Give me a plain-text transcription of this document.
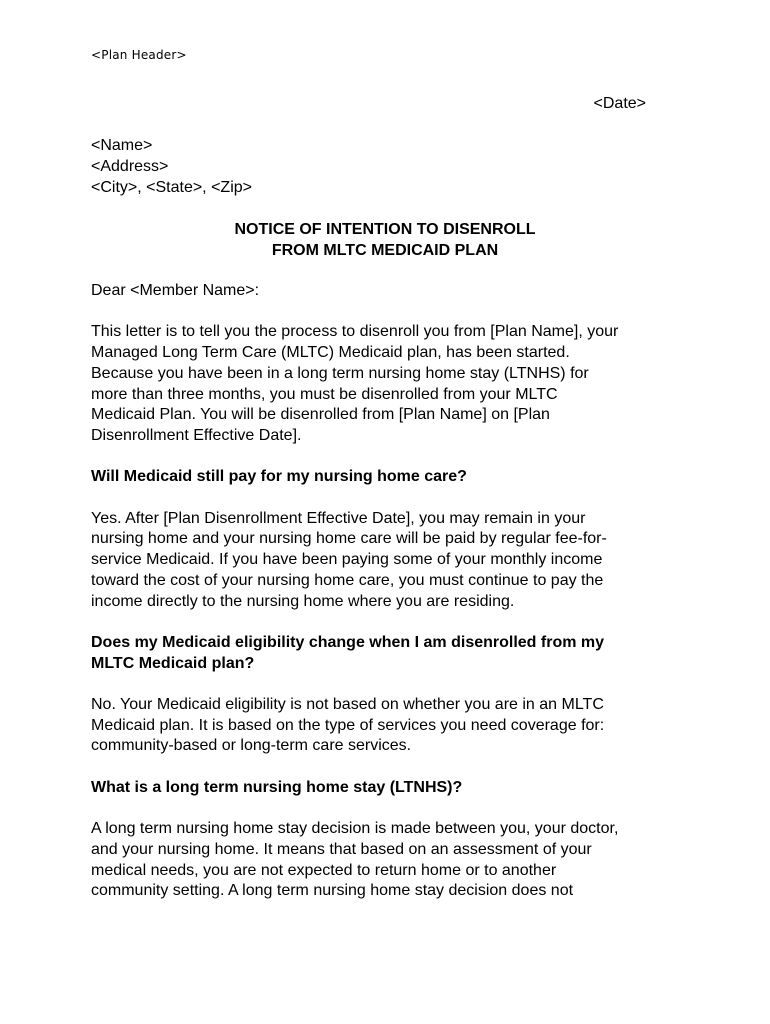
<Plan Header>
<Date>
<Name>
<Address>
<City>, <State>, <Zip>
NOTICE OF INTENTION TO DISENROLL
FROM MLTC MEDICAID PLAN

Dear <Member Name>:

This letter is to tell you the process to disenroll you from [Plan Name], your
Managed Long Term Care (MLTC) Medicaid plan, has been started.
Because you have been in a long term nursing home stay (LTNHS) for
more than three months, you must be disenrolled from your MLTC
Medicaid Plan. You will be disenrolled from [Plan Name] on [Plan
Disenrollment Effective Date].

Will Medicaid still pay for my nursing home care?

Yes. After [Plan Disenrollment Effective Date], you may remain in your
nursing home and your nursing home care will be paid by regular fee-for-
service Medicaid. If you have been paying some of your monthly income
toward the cost of your nursing home care, you must continue to pay the
income directly to the nursing home where you are residing.

Does my Medicaid eligibility change when I am disenrolled from my
MLTC Medicaid plan?

No. Your Medicaid eligibility is not based on whether you are in an MLTC
Medicaid plan. It is based on the type of services you need coverage for:
community-based or long-term care services.

What is a long term nursing home stay (LTNHS)?

A long term nursing home stay decision is made between you, your doctor,
and your nursing home. It means that based on an assessment of your
medical needs, you are not expected to return home or to another
community setting. A long term nursing home stay decision does not
